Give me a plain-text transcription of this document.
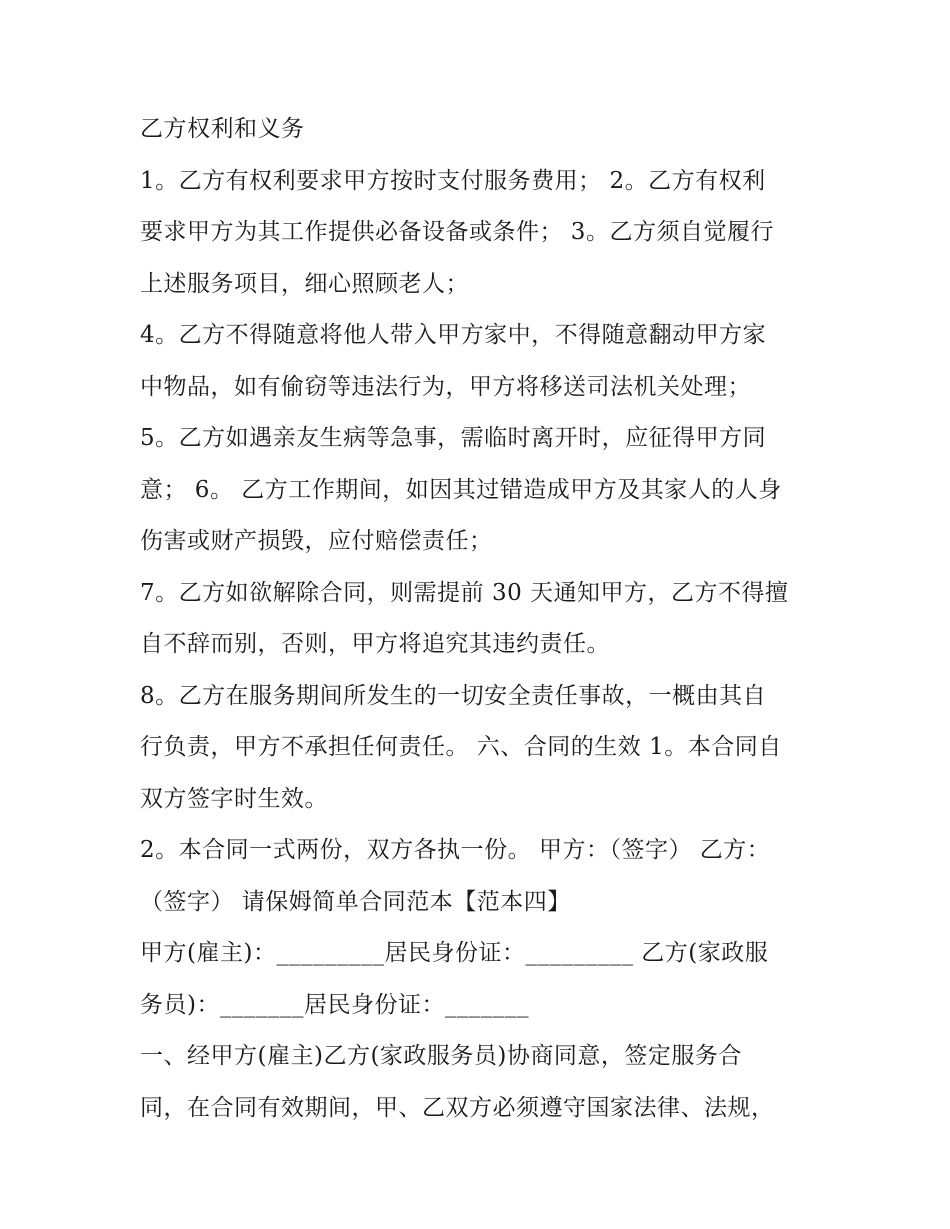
乙方权利和义务
1。乙方有权利要求甲方按时支付服务费用； 2。乙方有权利
要求甲方为其工作提供必备设备或条件； 3。乙方须自觉履行
上述服务项目，细心照顾老人；
4。乙方不得随意将他人带入甲方家中，不得随意翻动甲方家
中物品，如有偷窃等违法行为，甲方将移送司法机关处理；
5。乙方如遇亲友生病等急事，需临时离开时，应征得甲方同
意； 6。 乙方工作期间，如因其过错造成甲方及其家人的人身
伤害或财产损毁，应付赔偿责任；
7。乙方如欲解除合同，则需提前 30 天通知甲方，乙方不得擅
自不辞而别，否则，甲方将追究其违约责任。
8。乙方在服务期间所发生的一切安全责任事故，一概由其自
行负责，甲方不承担任何责任。 六、合同的生效 1。本合同自
双方签字时生效。
2。本合同一式两份，双方各执一份。 甲方：（签字） 乙方：
（签字） 请保姆简单合同范本【范本四】
甲方(雇主)：_________居民身份证：_________ 乙方(家政服
务员)：_______居民身份证：_______
一、经甲方(雇主)乙方(家政服务员)协商同意，签定服务合
同，在合同有效期间，甲、乙双方必须遵守国家法律、法规，
